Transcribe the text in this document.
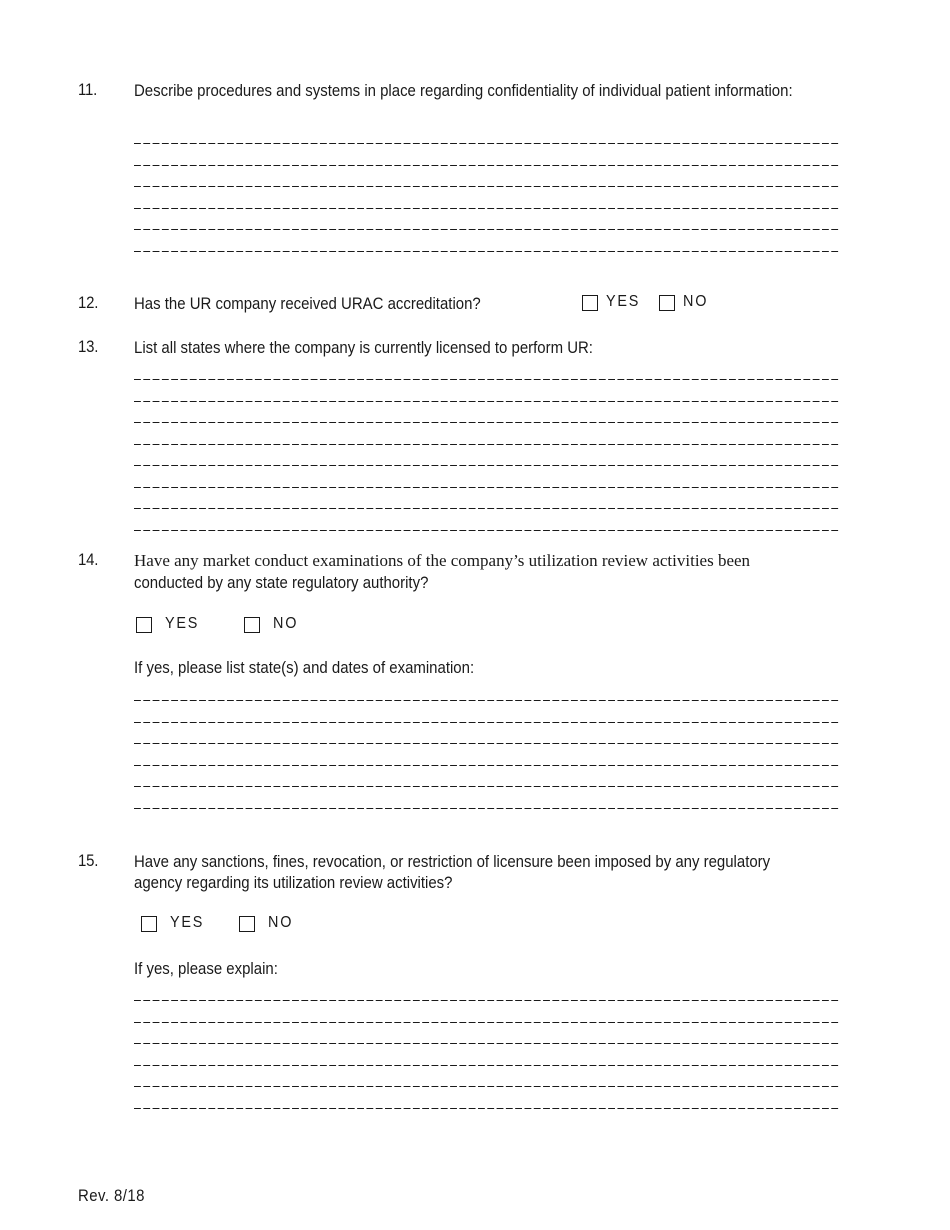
11. Describe procedures and systems in place regarding confidentiality of individual patient information:
12. Has the UR company received URAC accreditation?	YES	NO
13. List all states where the company is currently licensed to perform UR:
14. Have any market conduct examinations of the company’s utilization review activities been
conducted by any state regulatory authority?
YES	NO
If yes, please list state(s) and dates of examination:
15. Have any sanctions, fines, revocation, or restriction of licensure been imposed by any regulatory agency regarding its utilization review activities?
YES	NO
If yes, please explain:
Rev. 8/18
